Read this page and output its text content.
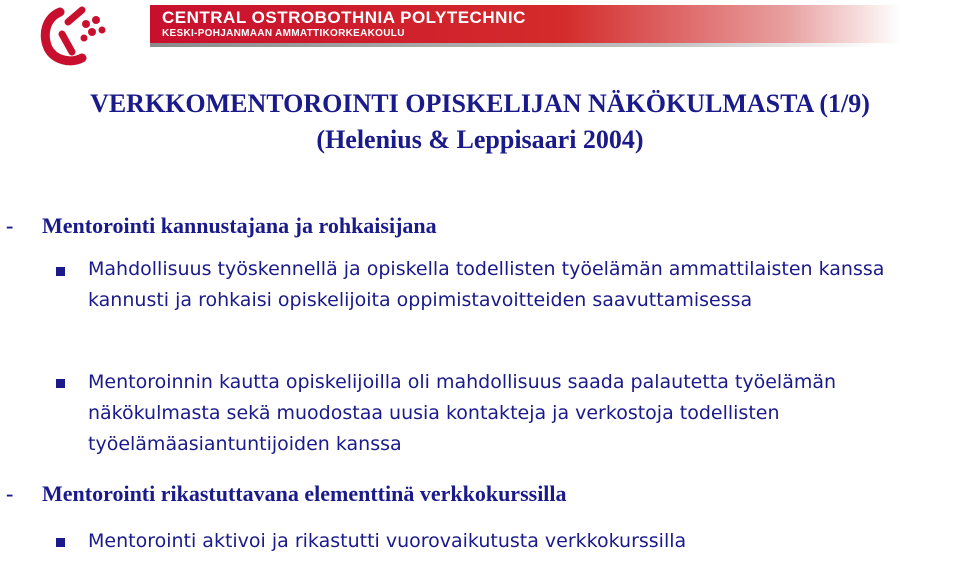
CENTRAL OSTROBOTHNIA POLYTECHNIC
KESKI-POHJANMAAN AMMATTIKORKEAKOULU
VERKKOMENTOROINTI OPISKELIJAN NÄKÖKULMASTA (1/9)
(Helenius & Leppisaari 2004)
- Mentorointi kannustajana ja rohkaisijana
Mahdollisuus työskennellä ja opiskella todellisten työelämän ammattilaisten kanssa kannusti ja rohkaisi opiskelijoita oppimistavoitteiden saavuttamisessa
Mentoroinnin kautta opiskelijoilla oli mahdollisuus saada palautetta työelämän näkökulmasta sekä muodostaa uusia kontakteja ja verkostoja todellisten työelämäasiantuntijoiden kanssa
- Mentorointi rikastuttavana elementtinä verkkokurssilla
Mentorointi aktivoi ja rikastutti vuorovaikutusta verkkokurssilla
